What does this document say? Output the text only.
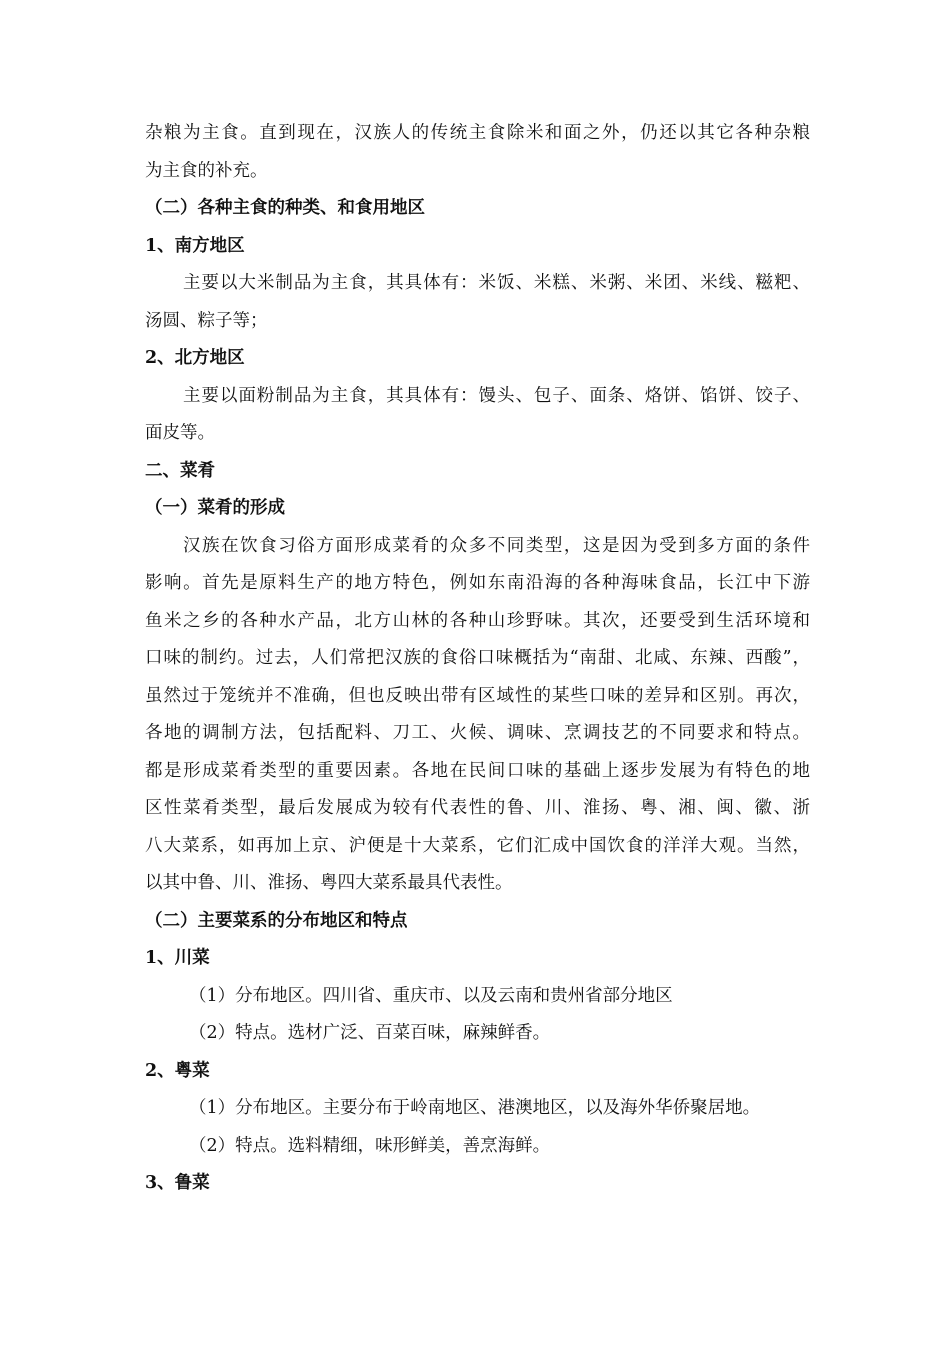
杂粮为主食。直到现在，汉族人的传统主食除米和面之外，仍还以其它各种杂粮
为主食的补充。
（二）各种主食的种类、和食用地区
1、南方地区
主要以大米制品为主食，其具体有：米饭、米糕、米粥、米团、米线、糍粑、
汤圆、粽子等；
2、北方地区
主要以面粉制品为主食，其具体有：馒头、包子、面条、烙饼、馅饼、饺子、
面皮等。
二、菜肴
（一）菜肴的形成
汉族在饮食习俗方面形成菜肴的众多不同类型，这是因为受到多方面的条件
影响。首先是原料生产的地方特色，例如东南沿海的各种海味食品，长江中下游
鱼米之乡的各种水产品，北方山林的各种山珍野味。其次，还要受到生活环境和
口味的制约。过去，人们常把汉族的食俗口味概括为“南甜、北咸、东辣、西酸”，
虽然过于笼统并不准确，但也反映出带有区域性的某些口味的差异和区别。再次，
各地的调制方法，包括配料、刀工、火候、调味、烹调技艺的不同要求和特点。
都是形成菜肴类型的重要因素。各地在民间口味的基础上逐步发展为有特色的地
区性菜肴类型，最后发展成为较有代表性的鲁、川、淮扬、粤、湘、闽、徽、浙
八大菜系，如再加上京、沪便是十大菜系，它们汇成中国饮食的洋洋大观。当然，
以其中鲁、川、淮扬、粤四大菜系最具代表性。
（二）主要菜系的分布地区和特点
1、川菜
（1）分布地区。四川省、重庆市、以及云南和贵州省部分地区
（2）特点。选材广泛、百菜百味，麻辣鲜香。
2、粤菜
（1）分布地区。主要分布于岭南地区、港澳地区，以及海外华侨聚居地。
（2）特点。选料精细，味形鲜美，善烹海鲜。
3、鲁菜
